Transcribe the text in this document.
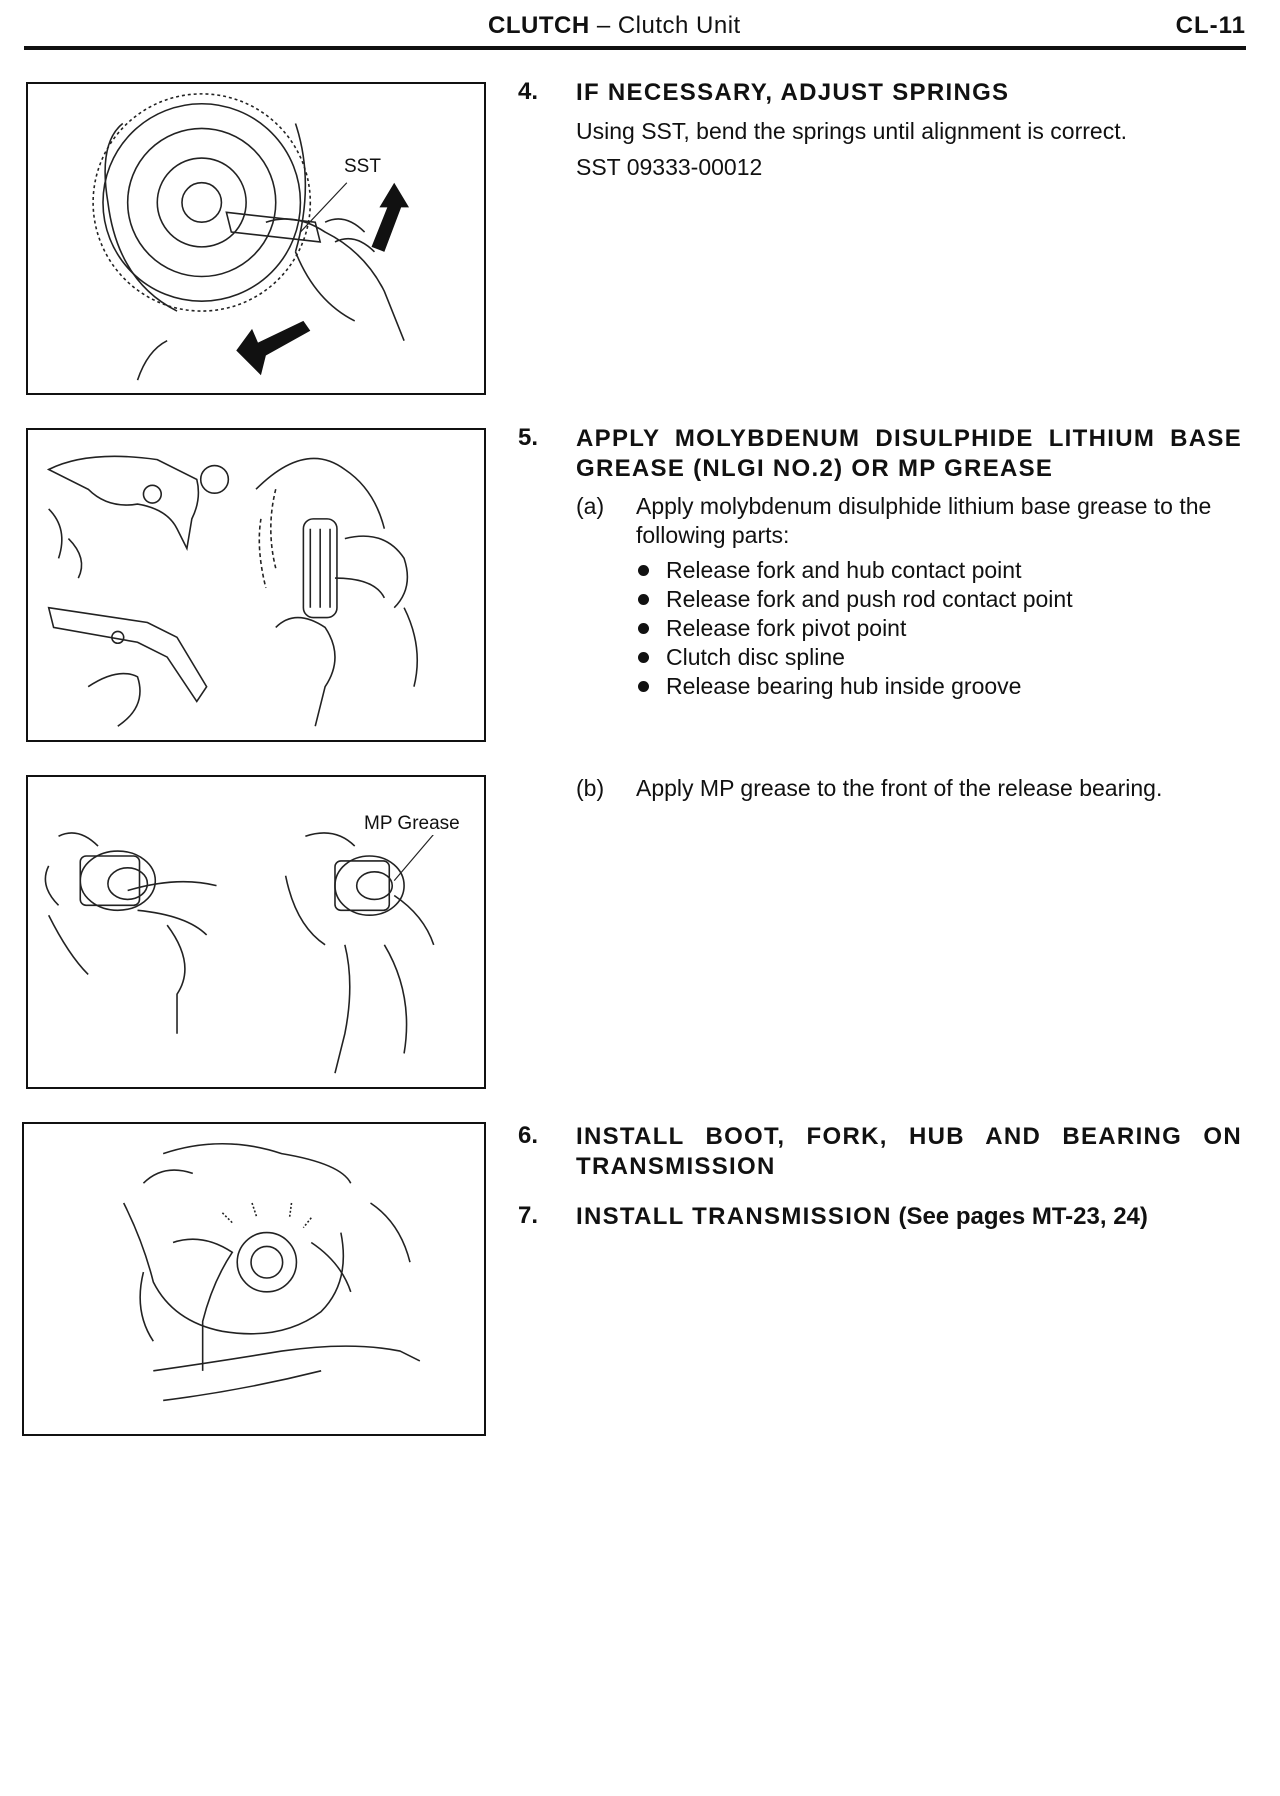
CLUTCH – Clutch Unit	CL-11
SST
MP Grease
4. IF NECESSARY, ADJUST SPRINGS
Using SST, bend the springs until alignment is correct.
SST 09333-00012
5. APPLY MOLYBDENUM DISULPHIDE LITHIUM BASE GREASE (NLGI NO.2) OR MP GREASE
(a) Apply molybdenum disulphide lithium base grease to the following parts:
Release fork and hub contact point
Release fork and push rod contact point
Release fork pivot point
Clutch disc spline
Release bearing hub inside groove
(b) Apply MP grease to the front of the release bearing.
6. INSTALL BOOT, FORK, HUB AND BEARING ON TRANSMISSION
7. INSTALL TRANSMISSION (See pages MT-23, 24)
